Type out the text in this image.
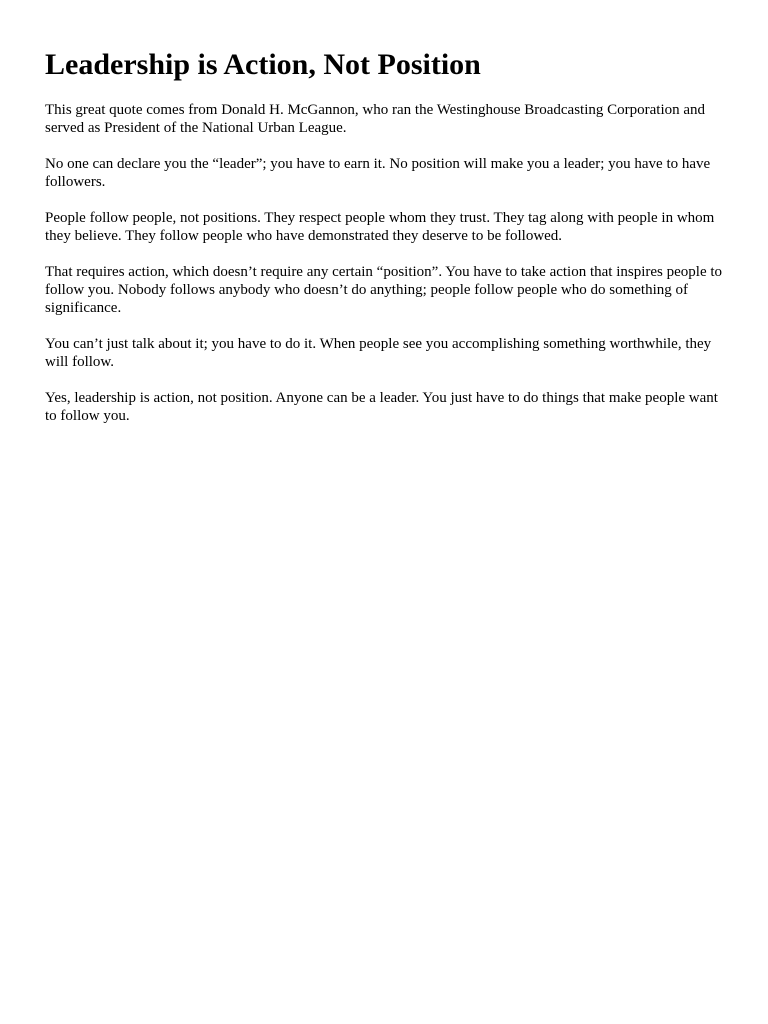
Leadership is Action, Not Position

This great quote comes from Donald H. McGannon, who ran the Westinghouse Broadcasting Corporation and served as President of the National Urban League.

No one can declare you the “leader”; you have to earn it. No position will make you a leader; you have to have followers.

People follow people, not positions. They respect people whom they trust. They tag along with people in whom they believe. They follow people who have demonstrated they deserve to be followed.

That requires action, which doesn’t require any certain “position”. You have to take action that inspires people to follow you. Nobody follows anybody who doesn’t do anything; people follow people who do something of significance.

You can’t just talk about it; you have to do it. When people see you accomplishing something worthwhile, they will follow.

Yes, leadership is action, not position. Anyone can be a leader. You just have to do things that make people want to follow you.
